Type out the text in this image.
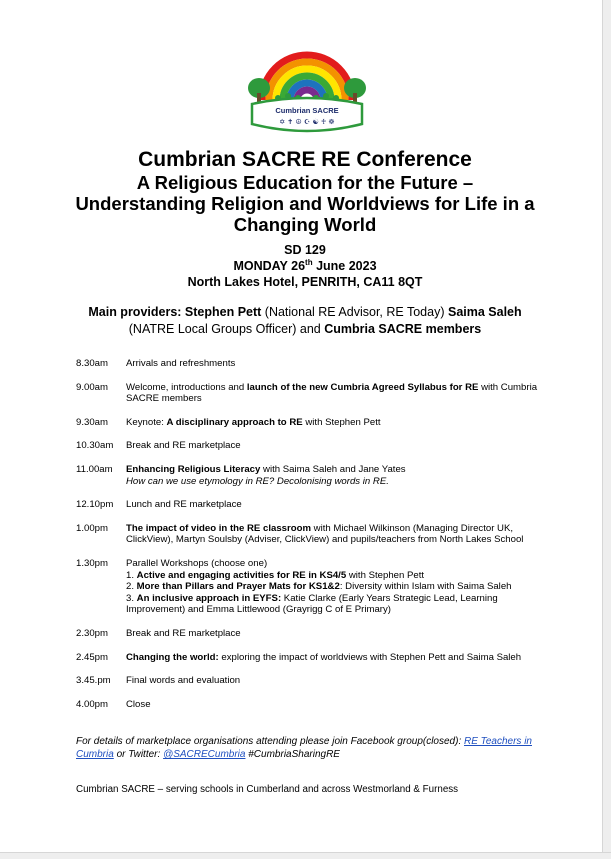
Cumbrian SACRE
✡ ✝ ☮ ☪ ☯ ♰ ☸
Cumbrian SACRE RE Conference
A Religious Education for the Future –
Understanding Religion and Worldviews for Life in a
Changing World
SD 129
MONDAY 26th June 2023
North Lakes Hotel, PENRITH, CA11 8QT
Main providers: Stephen Pett (National RE Advisor, RE Today) Saima Saleh
(NATRE Local Groups Officer) and Cumbria SACRE members
8.30am	Arrivals and refreshments
9.00am	Welcome, introductions and launch of the new Cumbria Agreed Syllabus for RE with Cumbria SACRE members
9.30am	Keynote: A disciplinary approach to RE with Stephen Pett
10.30am	Break and RE marketplace
11.00am	Enhancing Religious Literacy with Saima Saleh and Jane Yates
How can we use etymology in RE? Decolonising words in RE.
12.10pm	Lunch and RE marketplace
1.00pm	The impact of video in the RE classroom with Michael Wilkinson (Managing Director UK, ClickView), Martyn Soulsby (Adviser, ClickView) and pupils/teachers from North Lakes School
1.30pm	Parallel Workshops (choose one)
1. Active and engaging activities for RE in KS4/5 with Stephen Pett
2. More than Pillars and Prayer Mats for KS1&2: Diversity within Islam with Saima Saleh
3. An inclusive approach in EYFS: Katie Clarke (Early Years Strategic Lead, Learning Improvement) and Emma Littlewood (Grayrigg C of E Primary)
2.30pm	Break and RE marketplace
2.45pm	Changing the world: exploring the impact of worldviews with Stephen Pett and Saima Saleh
3.45.pm	Final words and evaluation
4.00pm	Close
For details of marketplace organisations attending please join Facebook group(closed): RE Teachers in Cumbria or Twitter: @SACRECumbria #CumbriaSharingRE
Cumbrian SACRE – serving schools in Cumberland and across Westmorland & Furness
